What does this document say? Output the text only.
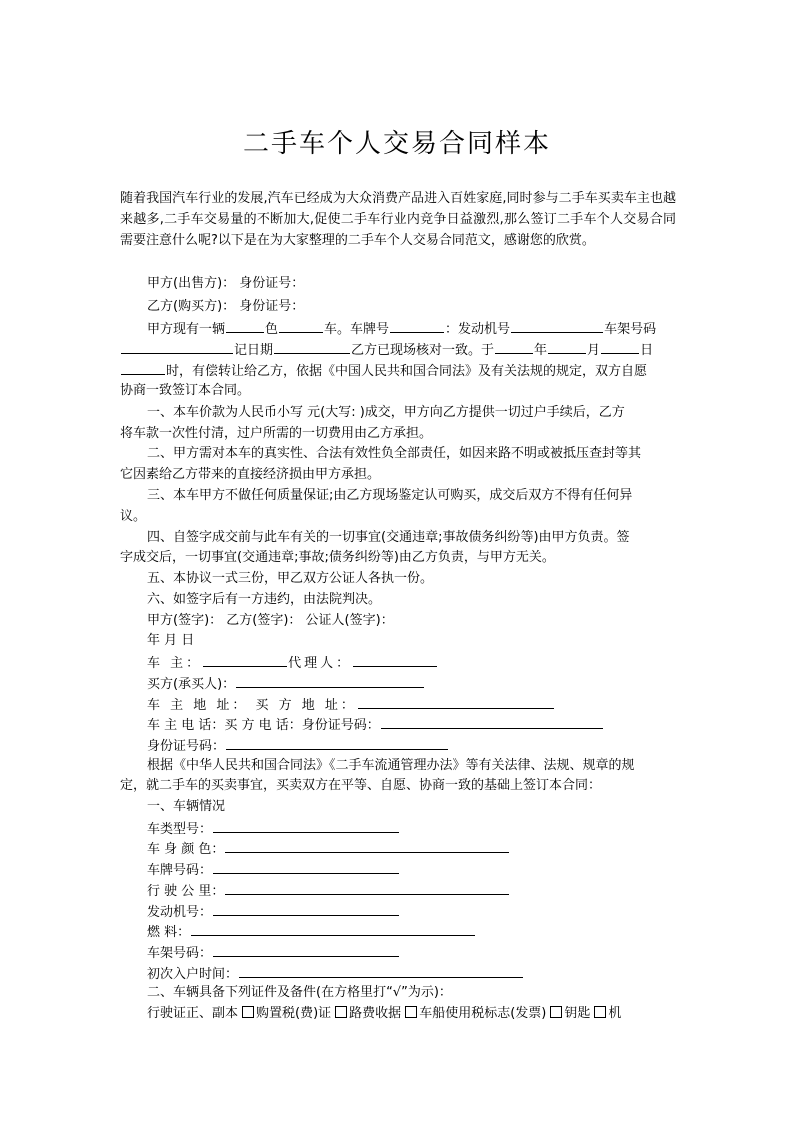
二手车个人交易合同样本

随着我国汽车行业的发展,汽车已经成为大众消费产品进入百姓家庭,同时参与二手车买卖车主也越来越多,二手车交易量的不断加大,促使二手车行业内竞争日益激烈,那么签订二手车个人交易合同需要注意什么呢?以下是在为大家整理的二手车个人交易合同范文，感谢您的欣赏。

甲方(出售方)： 身份证号：
乙方(购买方)： 身份证号：
甲方现有一辆	色	车。车牌号	：发动机号	车架号码
记日期	乙方已现场核对一致。于	年	月	日
时，有偿转让给乙方，依据《中国人民共和国合同法》及有关法规的规定，双方自愿
协商一致签订本合同。
一、本车价款为人民币小写 元(大写: )成交，甲方向乙方提供一切过户手续后，乙方
将车款一次性付清，过户所需的一切费用由乙方承担。
二、甲方需对本车的真实性、合法有效性负全部责任，如因来路不明或被抵压查封等其
它因素给乙方带来的直接经济损由甲方承担。
三、本车甲方不做任何质量保证;由乙方现场鉴定认可购买，成交后双方不得有任何异
议。
四、自签字成交前与此车有关的一切事宜(交通违章;事故债务纠纷等)由甲方负责。签
字成交后，一切事宜(交通违章;事故;债务纠纷等)由乙方负责，与甲方无关。
五、本协议一式三份，甲乙双方公证人各执一份。
六、如签字后有一方违约，由法院判决。
甲方(签字)： 乙方(签字)： 公证人(签字)：
年 月 日
车 主：	代理人：
买方(承买人)：
车 主 地 址： 买 方 地 址：
车 主 电 话：买 方 电 话：身份证号码：
身份证号码：
根据《中华人民共和国合同法》《二手车流通管理办法》等有关法律、法规、规章的规
定，就二手车的买卖事宜，买卖双方在平等、自愿、协商一致的基础上签订本合同：
一、车辆情况
车类型号：
车 身 颜 色：
车牌号码：
行 驶 公 里：
发动机号：
燃 料：
车架号码：
初次入户时间：
二、车辆具备下列证件及备件(在方格里打“√”为示)：
行驶证正、副本 购置税(费)证 路费收据 车船使用税标志(发票) 钥匙 机
